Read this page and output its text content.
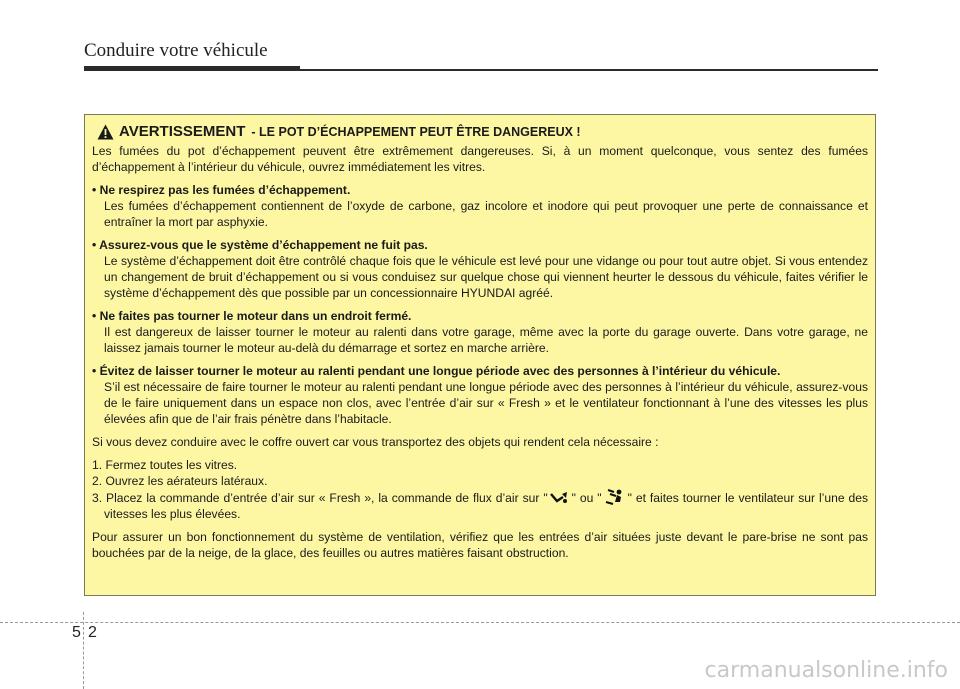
Conduire votre véhicule
AVERTISSEMENT - LE POT D’ÉCHAPPEMENT PEUT ÊTRE DANGEREUX !

Les fumées du pot d’échappement peuvent être extrêmement dangereuses. Si, à un moment quelconque, vous sentez des fumées d’échappement à l’intérieur du véhicule, ouvrez immédiatement les vitres.

• Ne respirez pas les fumées d’échappement.
Les fumées d’échappement contiennent de l’oxyde de carbone, gaz incolore et inodore qui peut provoquer une perte de connaissance et entraîner la mort par asphyxie.
• Assurez-vous que le système d’échappement ne fuit pas.
Le système d’échappement doit être contrôlé chaque fois que le véhicule est levé pour une vidange ou pour tout autre objet. Si vous entendez un changement de bruit d’échappement ou si vous conduisez sur quelque chose qui viennent heurter le dessous du véhicule, faites vérifier le système d’échappement dès que possible par un concessionnaire HYUNDAI agréé.
• Ne faites pas tourner le moteur dans un endroit fermé.
Il est dangereux de laisser tourner le moteur au ralenti dans votre garage, même avec la porte du garage ouverte. Dans votre garage, ne laissez jamais tourner le moteur au-delà du démarrage et sortez en marche arrière.
• Évitez de laisser tourner le moteur au ralenti pendant une longue période avec des personnes à l’intérieur du véhicule.
S’il est nécessaire de faire tourner le moteur au ralenti pendant une longue période avec des personnes à l’intérieur du véhicule, assurez-vous de le faire uniquement dans un espace non clos, avec l’entrée d’air sur « Fresh » et le ventilateur fonctionnant à l’une des vitesses les plus élevées afin que de l’air frais pénètre dans l’habitacle.

Si vous devez conduire avec le coffre ouvert car vous transportez des objets qui rendent cela nécessaire :

1. Fermez toutes les vitres.
2. Ouvrez les aérateurs latéraux.
3. Placez la commande d’entrée d’air sur « Fresh », la commande de flux d’air sur " " ou " " et faites tourner le ventilateur sur l’une des vitesses les plus élevées.

Pour assurer un bon fonctionnement du système de ventilation, vérifiez que les entrées d’air situées juste devant le pare-brise ne sont pas bouchées par de la neige, de la glace, des feuilles ou autres matières faisant obstruction.

5 2
carmanualsonline.info
